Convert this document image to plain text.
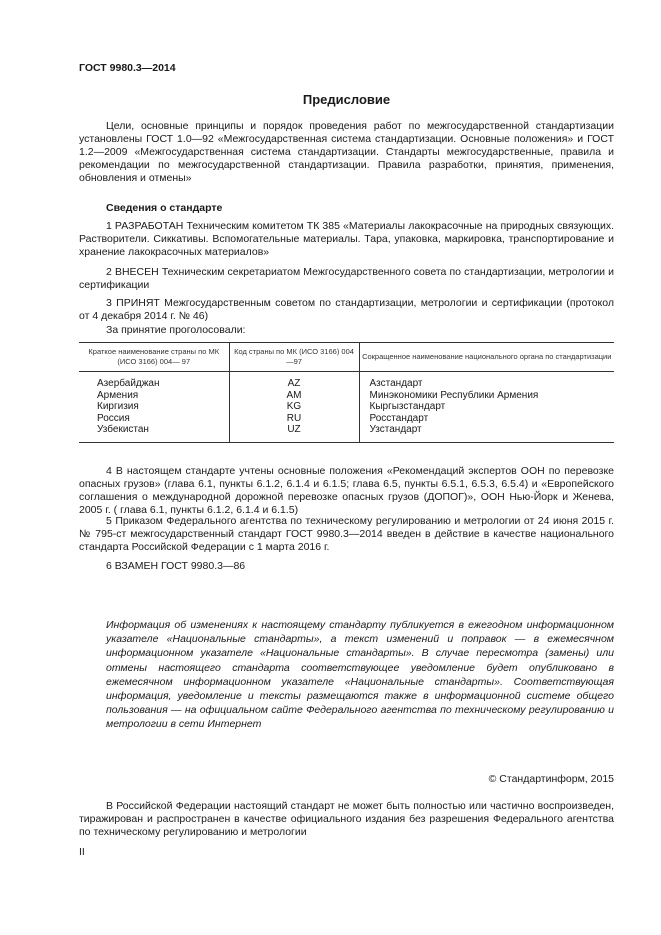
ГОСТ 9980.3—2014
Предисловие

Цели, основные принципы и порядок проведения работ по межгосударственной стандартизации установлены ГОСТ 1.0—92 «Межгосударственная система стандартизации. Основные положения» и ГОСТ 1.2—2009 «Межгосударственная система стандартизации. Стандарты межгосударственные, правила и рекомендации по межгосударственной стандартизации. Правила разработки, принятия, применения, обновления и отмены»

Сведения о стандарте

1 РАЗРАБОТАН Техническим комитетом ТК 385 «Материалы лакокрасочные на природных связующих. Растворители. Сиккативы. Вспомогательные материалы. Тара, упаковка, маркировка, транспортирование и хранение лакокрасочных материалов»

2 ВНЕСЕН Техническим секретариатом Межгосударственного совета по стандартизации, метрологии и сертификации

3 ПРИНЯТ Межгосударственным советом по стандартизации, метрологии и сертификации (протокол от 4 декабря 2014 г. № 46)

За принятие проголосовали:
Краткое наименование страны по МК (ИСО 3166) 004— 97	Код страны по МК (ИСО 3166) 004 —97	Сокращенное наименование национального органа по стандартизации
Азербайджан	AZ	Азстандарт
Армения	AM	Минэкономики Республики Армения
Киргизия	KG	Кыргызстандарт
Россия	RU	Росстандарт
Узбекистан	UZ	Узстандарт

4 В настоящем стандарте учтены основные положения «Рекомендаций экспертов ООН по перевозке опасных грузов» (глава 6.1, пункты 6.1.2, 6.1.4 и 6.1.5; глава 6.5, пункты 6.5.1, 6.5.3, 6.5.4) и «Европейского соглашения о международной дорожной перевозке опасных грузов (ДОПОГ)», ООН Нью-Йорк и Женева, 2005 г. ( глава 6.1, пункты 6.1.2, 6.1.4 и 6.1.5)

5 Приказом Федерального агентства по техническому регулированию и метрологии от 24 июня 2015 г. № 795-ст межгосударственный стандарт ГОСТ 9980.3—2014 введен в действие в качестве национального стандарта Российской Федерации с 1 марта 2016 г.

6 ВЗАМЕН ГОСТ 9980.3—86

Информация об изменениях к настоящему стандарту публикуется в ежегодном информационном указателе «Национальные стандарты», а текст изменений и поправок — в ежемесячном информационном указателе «Национальные стандарты». В случае пересмотра (замены) или отмены настоящего стандарта соответствующее уведомление будет опубликовано в ежемесячном информационном указателе «Национальные стандарты». Соответствующая информация, уведомление и тексты размещаются также в информационной системе общего пользования — на официальном сайте Федерального агентства по техническому регулированию и метрологии в сети Интернет

© Стандартинформ, 2015

В Российской Федерации настоящий стандарт не может быть полностью или частично воспроизведен, тиражирован и распространен в качестве официального издания без разрешения Федерального агентства по техническому регулированию и метрологии

II
